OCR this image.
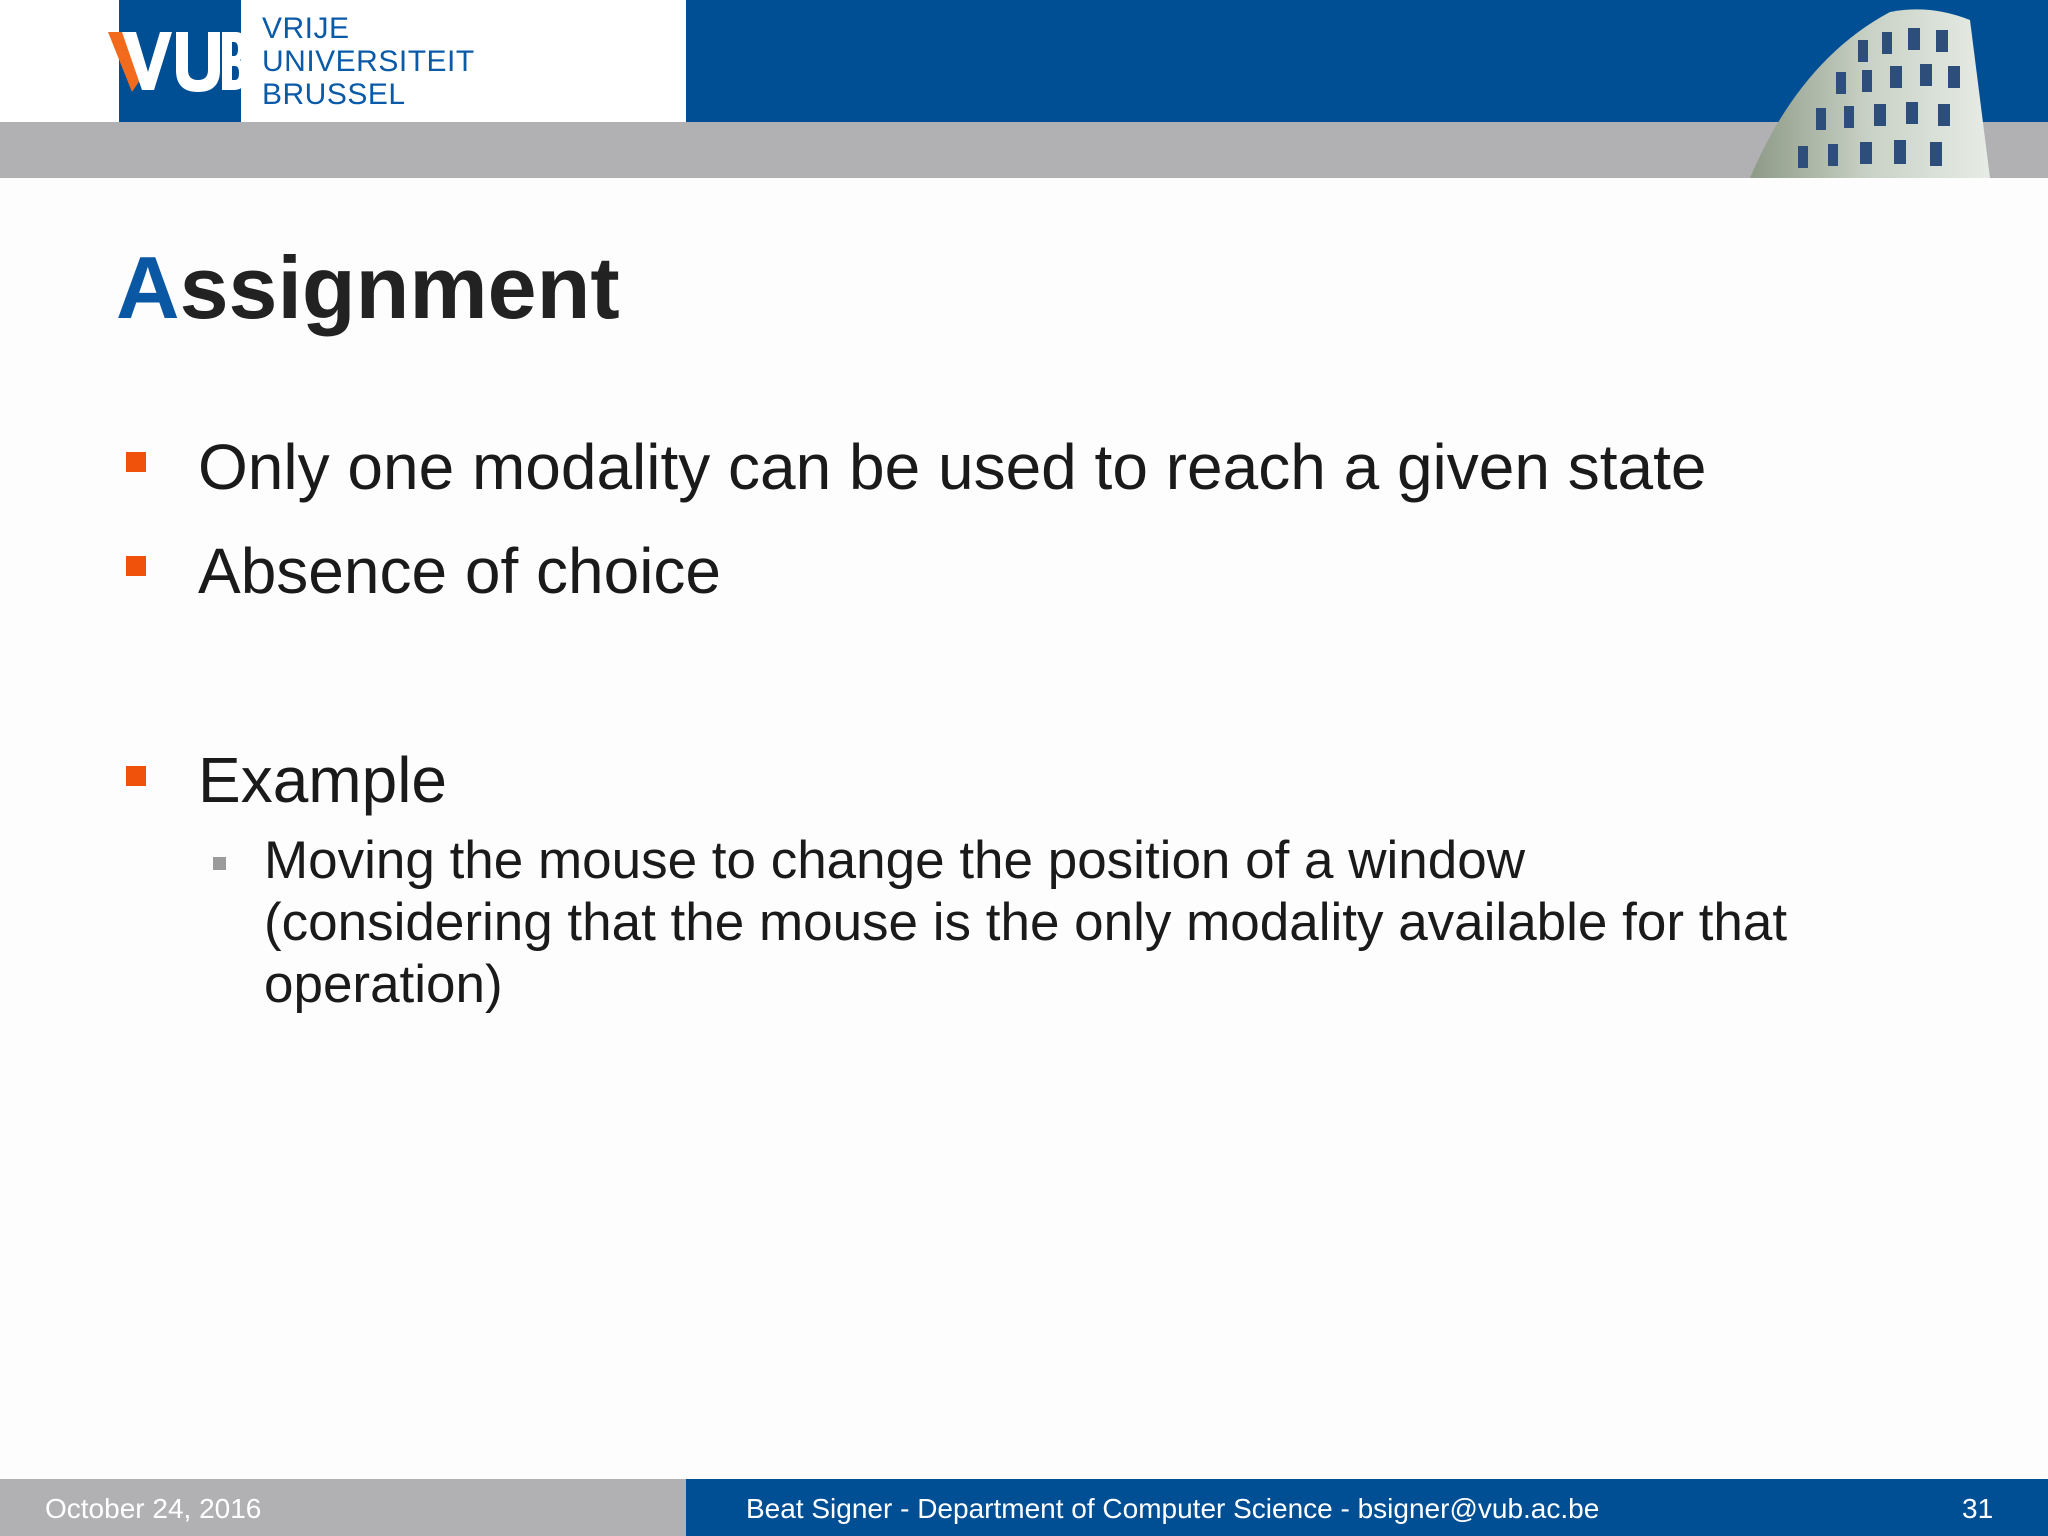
VRIJE
UNIVERSITEIT
BRUSSEL
Assignment
Only one modality can be used to reach a given state
Absence of choice
Example
Moving the mouse to change the position of a window
(considering that the mouse is the only modality available for that
operation)
October 24, 2016	Beat Signer - Department of Computer Science - bsigner@vub.ac.be	31
